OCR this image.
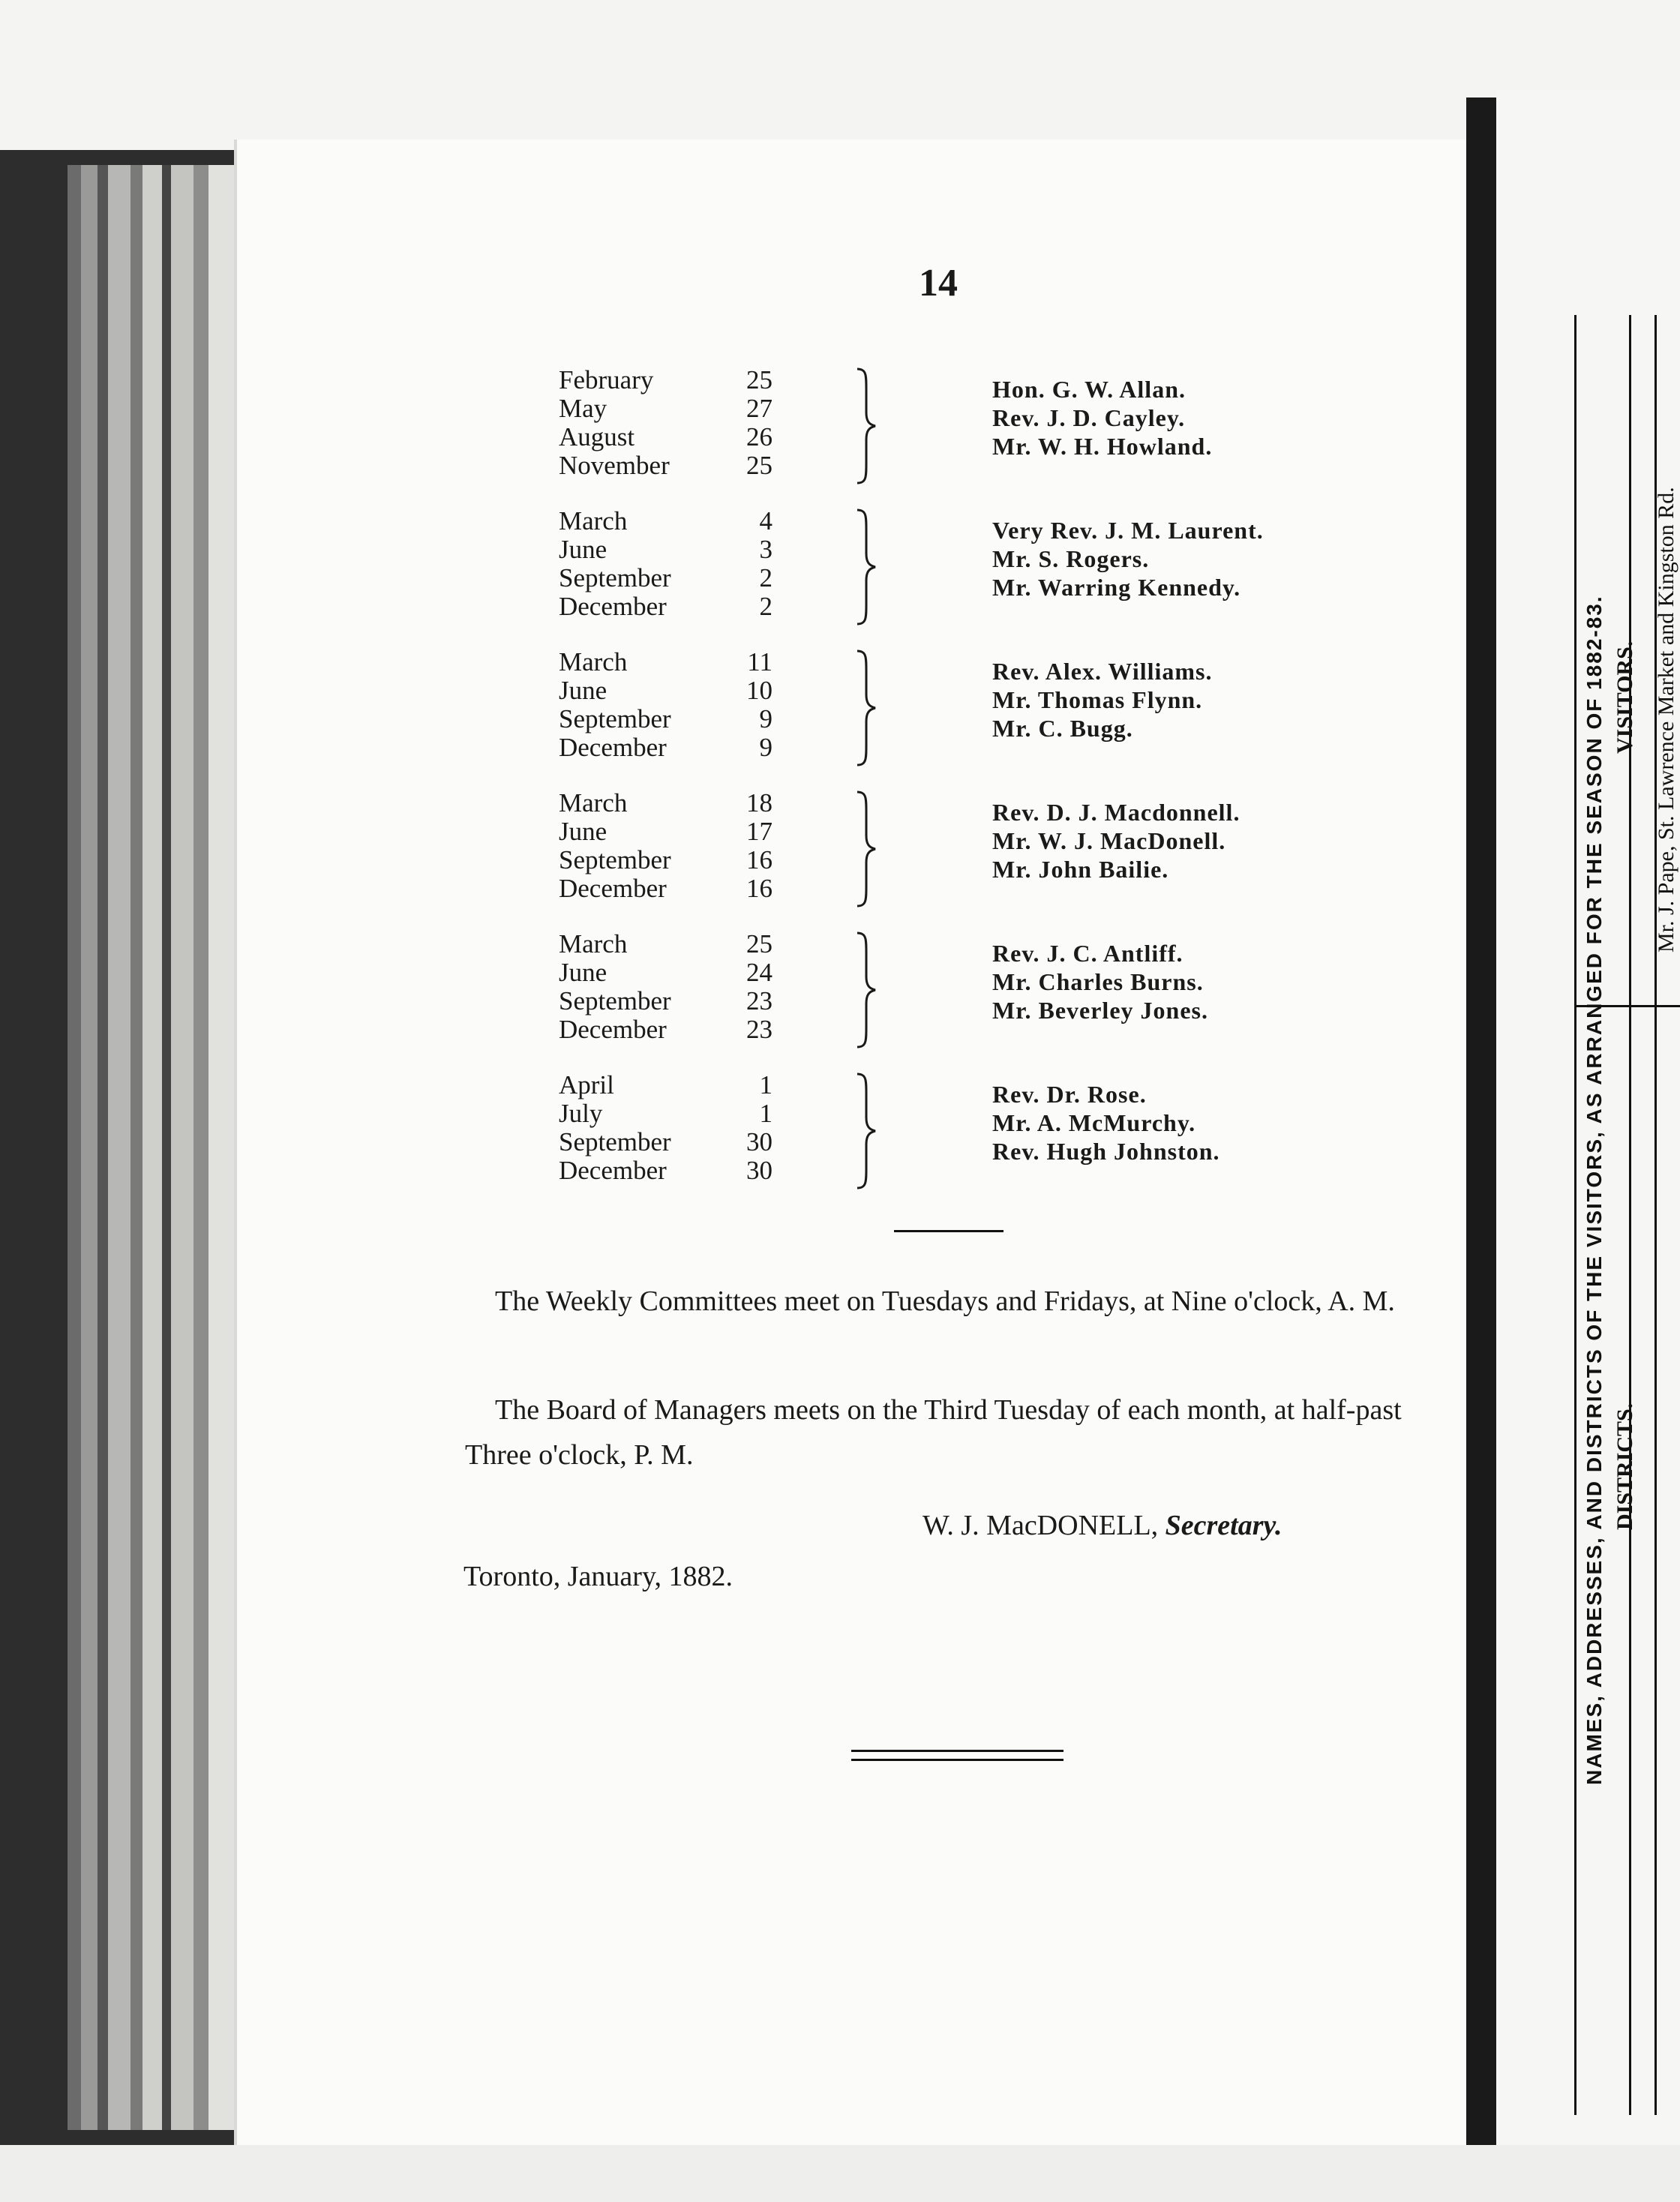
14
February	25
May	27
August	26
November	25
Hon. G. W. Allan.
Rev. J. D. Cayley.
Mr. W. H. Howland.
March	4
June	3
September	2
December	2
Very Rev. J. M. Laurent.
Mr. S. Rogers.
Mr. Warring Kennedy.
March	11
June	10
September	9
December	9
Rev. Alex. Williams.
Mr. Thomas Flynn.
Mr. C. Bugg.
March	18
June	17
September	16
December	16
Rev. D. J. Macdonnell.
Mr. W. J. MacDonell.
Mr. John Bailie.
March	25
June	24
September	23
December	23
Rev. J. C. Antliff.
Mr. Charles Burns.
Mr. Beverley Jones.
April	1
July	1
September	30
December	30
Rev. Dr. Rose.
Mr. A. McMurchy.
Rev. Hugh Johnston.
The Weekly Committees meet on Tuesdays and Fridays, at Nine o'clock, A. M.
The Board of Managers meets on the Third Tuesday of each month, at half-past Three o'clock, P. M.
W. J. MacDONELL, Secretary.
Toronto, January, 1882.	NAMES, ADDRESSES, AND DISTRICTS OF THE VISITORS, AS ARRANGED FOR THE SEASON OF 1882-83. VISITORS.
DISTRICTS.
Mr. J. Pape, St. Lawrence Market and Kingston Rd.
